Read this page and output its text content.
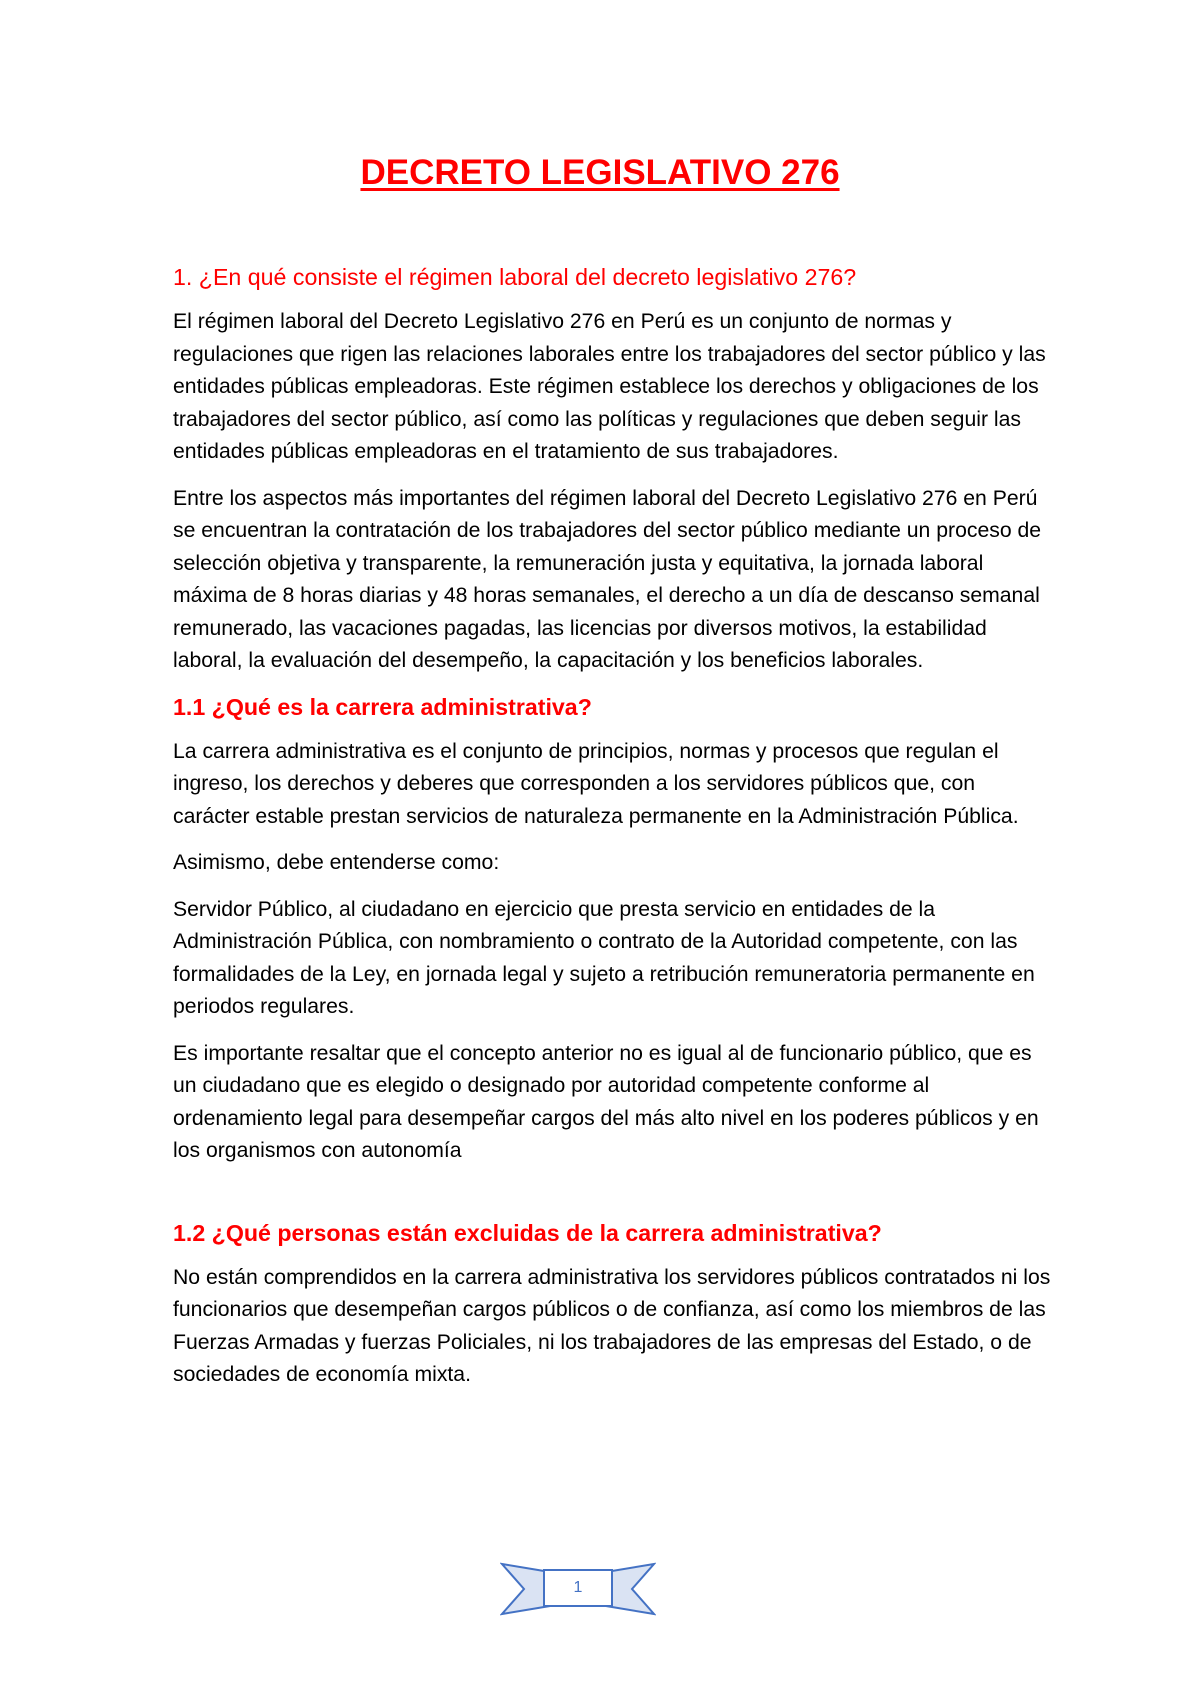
DECRETO LEGISLATIVO 276
1. ¿En qué consiste el régimen laboral del decreto legislativo 276?

El régimen laboral del Decreto Legislativo 276 en Perú es un conjunto de normas y regulaciones que rigen las relaciones laborales entre los trabajadores del sector público y las entidades públicas empleadoras. Este régimen establece los derechos y obligaciones de los trabajadores del sector público, así como las políticas y regulaciones que deben seguir las entidades públicas empleadoras en el tratamiento de sus trabajadores.

Entre los aspectos más importantes del régimen laboral del Decreto Legislativo 276 en Perú se encuentran la contratación de los trabajadores del sector público mediante un proceso de selección objetiva y transparente, la remuneración justa y equitativa, la jornada laboral máxima de 8 horas diarias y 48 horas semanales, el derecho a un día de descanso semanal remunerado, las vacaciones pagadas, las licencias por diversos motivos, la estabilidad laboral, la evaluación del desempeño, la capacitación y los beneficios laborales.

1.1 ¿Qué es la carrera administrativa?

La carrera administrativa es el conjunto de principios, normas y procesos que regulan el ingreso, los derechos y deberes que corresponden a los servidores públicos que, con carácter estable prestan servicios de naturaleza permanente en la Administración Pública.

Asimismo, debe entenderse como:

Servidor Público, al ciudadano en ejercicio que presta servicio en entidades de la Administración Pública, con nombramiento o contrato de la Autoridad competente, con las formalidades de la Ley, en jornada legal y sujeto a retribución remuneratoria permanente en periodos regulares.

Es importante resaltar que el concepto anterior no es igual al de funcionario público, que es un ciudadano que es elegido o designado por autoridad competente conforme al ordenamiento legal para desempeñar cargos del más alto nivel en los poderes públicos y en los organismos con autonomía

1.2 ¿Qué personas están excluidas de la carrera administrativa?

No están comprendidos en la carrera administrativa los servidores públicos contratados ni los funcionarios que desempeñan cargos públicos o de confianza, así como los miembros de las Fuerzas Armadas y fuerzas Policiales, ni los trabajadores de las empresas del Estado, o de sociedades de economía mixta.

1
